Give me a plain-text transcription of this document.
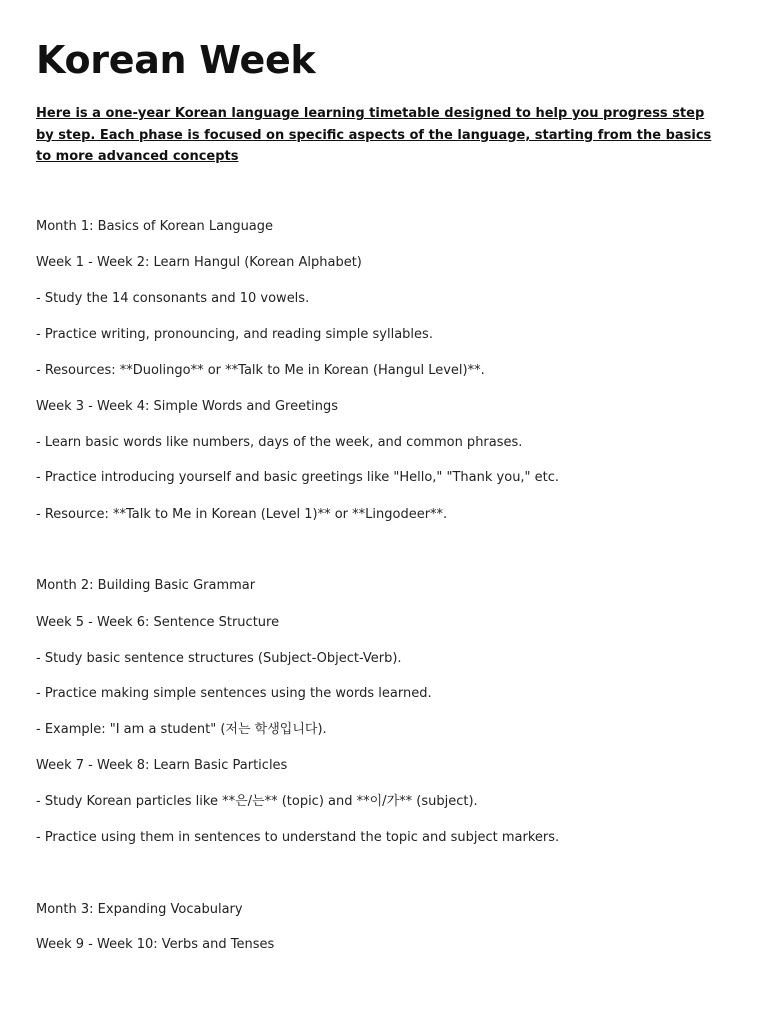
Korean Week

Here is a one-year Korean language learning timetable designed to help you progress step by step. Each phase is focused on specific aspects of the language, starting from the basics to more advanced concepts

Month 1: Basics of Korean Language

Week 1 - Week 2: Learn Hangul (Korean Alphabet)

- Study the 14 consonants and 10 vowels.

- Practice writing, pronouncing, and reading simple syllables.

- Resources: **Duolingo** or **Talk to Me in Korean (Hangul Level)**.

Week 3 - Week 4: Simple Words and Greetings

- Learn basic words like numbers, days of the week, and common phrases.

- Practice introducing yourself and basic greetings like "Hello," "Thank you," etc.

- Resource: **Talk to Me in Korean (Level 1)** or **Lingodeer**.

Month 2: Building Basic Grammar

Week 5 - Week 6: Sentence Structure

- Study basic sentence structures (Subject-Object-Verb).

- Practice making simple sentences using the words learned.

- Example: "I am a student" (저는 학생입니다).

Week 7 - Week 8: Learn Basic Particles

- Study Korean particles like **은/는** (topic) and **이/가** (subject).

- Practice using them in sentences to understand the topic and subject markers.

Month 3: Expanding Vocabulary

Week 9 - Week 10: Verbs and Tenses
